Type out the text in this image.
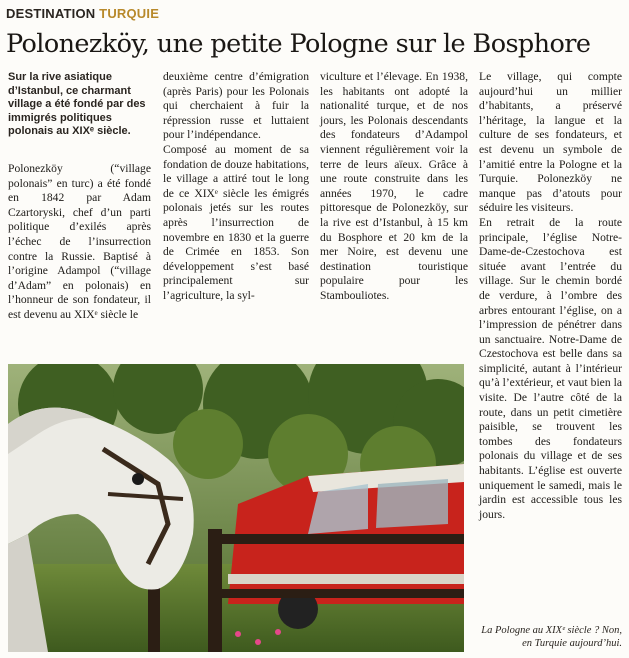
DESTINATION TURQUIE
Polonezköy, une petite Pologne sur le Bosphore
Sur la rive asiatique d’Istanbul, ce charmant village a été fondé par des immigrés politiques polonais au XIXᵉ siècle.

Polonezköy (“village polonais” en turc) a été fondé en 1842 par Adam Czartoryski, chef d’un parti politique d’exilés après l’échec de l’insurrection contre la Russie. Baptisé à l’origine Adampol (“village d’Adam” en polonais) en l’honneur de son fondateur, il est devenu au XIXᵉ siècle le

deuxième centre d’émigration (après Paris) pour les Polonais qui cherchaient à fuir la répression russe et luttaient pour l’indépendance.

Composé au moment de sa fondation de douze habitations, le village a attiré tout le long de ce XIXᵉ siècle les émigrés polonais jetés sur les routes après l’insurrection de novembre en 1830 et la guerre de Crimée en 1853. Son développement s’est basé principalement sur l’agriculture, la syl-

viculture et l’élevage. En 1938, les habitants ont adopté la nationalité turque, et de nos jours, les Polonais descendants des fondateurs d’Adampol viennent régulièrement voir la terre de leurs aïeux. Grâce à une route construite dans les années 1970, le cadre pittoresque de Polonezköy, sur la rive est d’Istanbul, à 15 km du Bosphore et 20 km de la mer Noire, est devenu une destination touristique populaire pour les Stambouliotes.

Le village, qui compte aujourd’hui un millier d’habitants, a préservé l’héritage, la langue et la culture de ses fondateurs, et est devenu un symbole de l’amitié entre la Pologne et la Turquie. Polonezköy ne manque pas d’atouts pour séduire les visiteurs.

En retrait de la route principale, l’église Notre-Dame-de-Czestochova est située avant l’entrée du village. Sur le chemin bordé de verdure, à l’ombre des arbres entourant l’église, on a l’impression de pénétrer dans un sanctuaire. Notre-Dame de Czestochova est belle dans sa simplicité, autant à l’intérieur qu’à l’extérieur, et vaut bien la visite. De l’autre côté de la route, dans un petit cimetière paisible, se trouvent les tombes des fondateurs polonais du village et de ses habitants. L’église est ouverte uniquement le samedi, mais le jardin est accessible tous les jours.

La Pologne au XIXᵉ siècle ? Non, en Turquie aujourd’hui.
